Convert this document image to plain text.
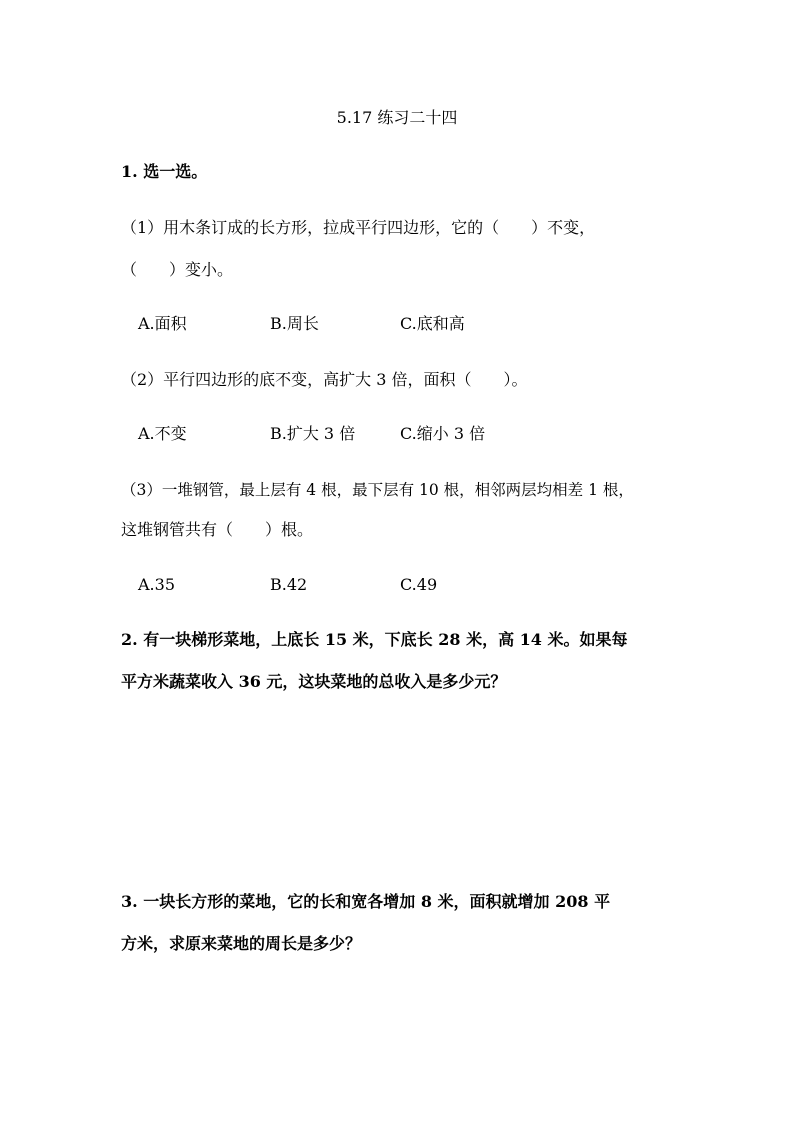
5.17 练习二十四
1. 选一选。
（1）用木条订成的长方形，拉成平行四边形，它的（　　）不变，
（　　）变小。
A.面积	B.周长	C.底和高
（2）平行四边形的底不变，高扩大 3 倍，面积（　　）。
A.不变	B.扩大 3 倍	C.缩小 3 倍
（3）一堆钢管，最上层有 4 根，最下层有 10 根，相邻两层均相差 1 根，
这堆钢管共有（　　）根。
A.35	B.42	C.49
2. 有一块梯形菜地，上底长 15 米，下底长 28 米，高 14 米。如果每
平方米蔬菜收入 36 元，这块菜地的总收入是多少元？
3. 一块长方形的菜地，它的长和宽各增加 8 米，面积就增加 208 平
方米，求原来菜地的周长是多少？
